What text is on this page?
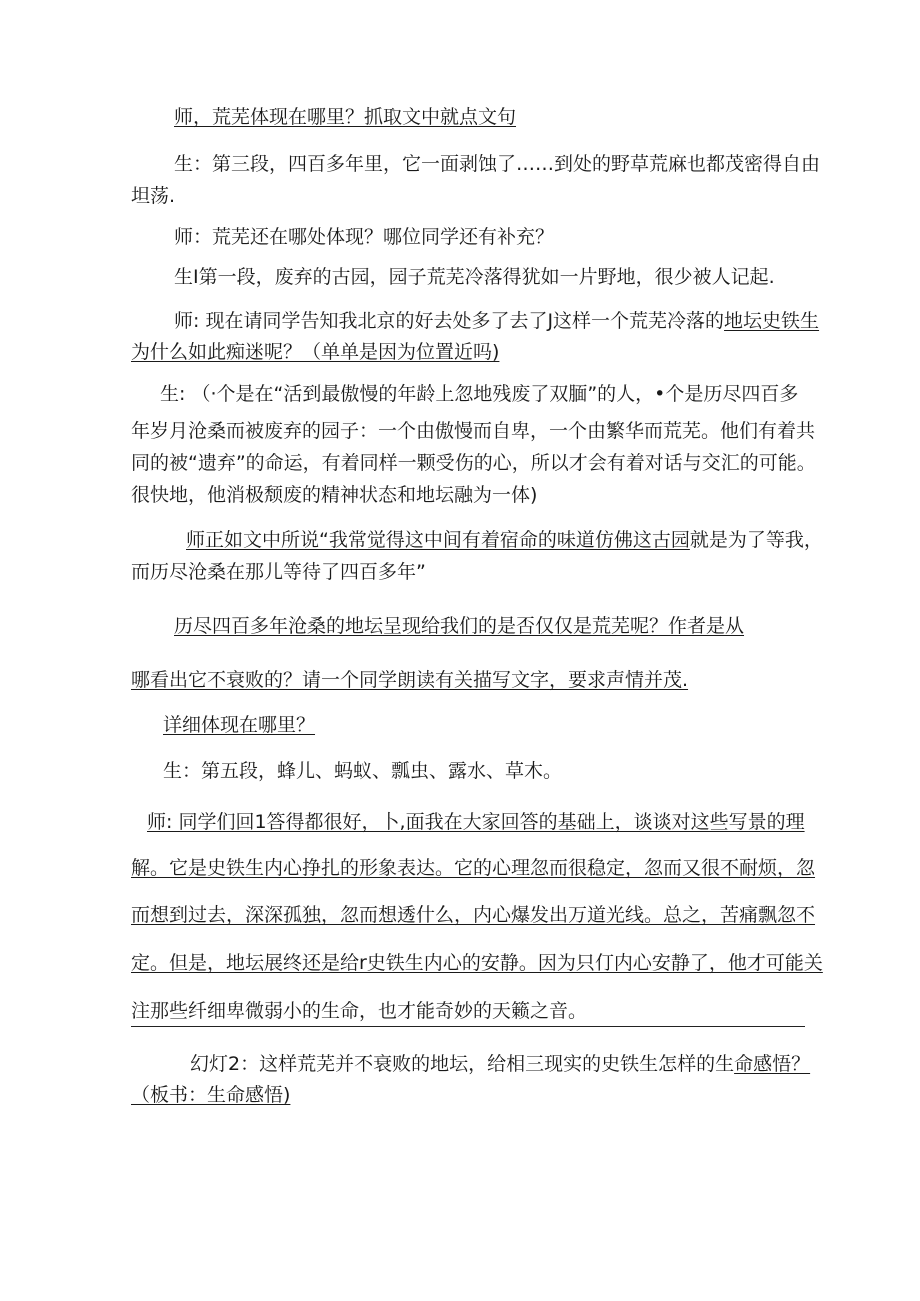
师，荒芜体现在哪里？抓取文中就点文句
生：第三段，四百多年里，它一面剥蚀了……到处的野草荒麻也都茂密得自由
坦荡.
师：荒芜还在哪处体现？哪位同学还有补充？
生I第一段，废弃的古园，园子荒芜冷落得犹如一片野地，很少被人记起.
师: 现在请同学告知我北京的好去处多了去了J这样一个荒芜冷落的地坛史铁生
为什么如此痴迷呢？（单单是因为位置近吗)
生: （·个是在“活到最傲慢的年龄上忽地残废了双腼”的人，•个是历尽四百多
年岁月沧桑而被废弃的园子：一个由傲慢而自卑，一个由繁华而荒芜。他们有着共
同的被“遗弃”的命运，有着同样一颗受伤的心，所以才会有着对话与交汇的可能。
很快地，他消极颓废的精神状态和地坛融为一体)
师正如文中所说“我常觉得这中间有着宿命的味道仿佛这古园就是为了等我，
而历尽沧桑在那儿等待了四百多年”
历尽四百多年沧桑的地坛呈现给我们的是否仅仅是荒芜呢？作者是从
哪看出它不衰败的？请一个同学朗读有关描写文字，要求声情并茂.
详细体现在哪里？
生：第五段，蜂儿、蚂蚁、瓢虫、露水、草木。
师: 同学们回1答得都很好，卜,面我在大家回答的基础上，谈谈对这些写景的理
解。它是史铁生内心挣扎的形象表达。它的心理忽而很稳定，忽而又很不耐烦，忽
而想到过去，深深孤独，忽而想透什么，内心爆发出万道光线。总之，苦痛飘忽不
定。但是，地坛展终还是给r史铁生内心的安静。因为只仃内心安静了，他才可能关
注那些纤细卑微弱小的生命，也才能奇妙的天籁之音。
幻灯2：这样荒芜并不衰败的地坛，给相三现实的史铁生怎样的生命感悟？
（板书：生命感悟)
